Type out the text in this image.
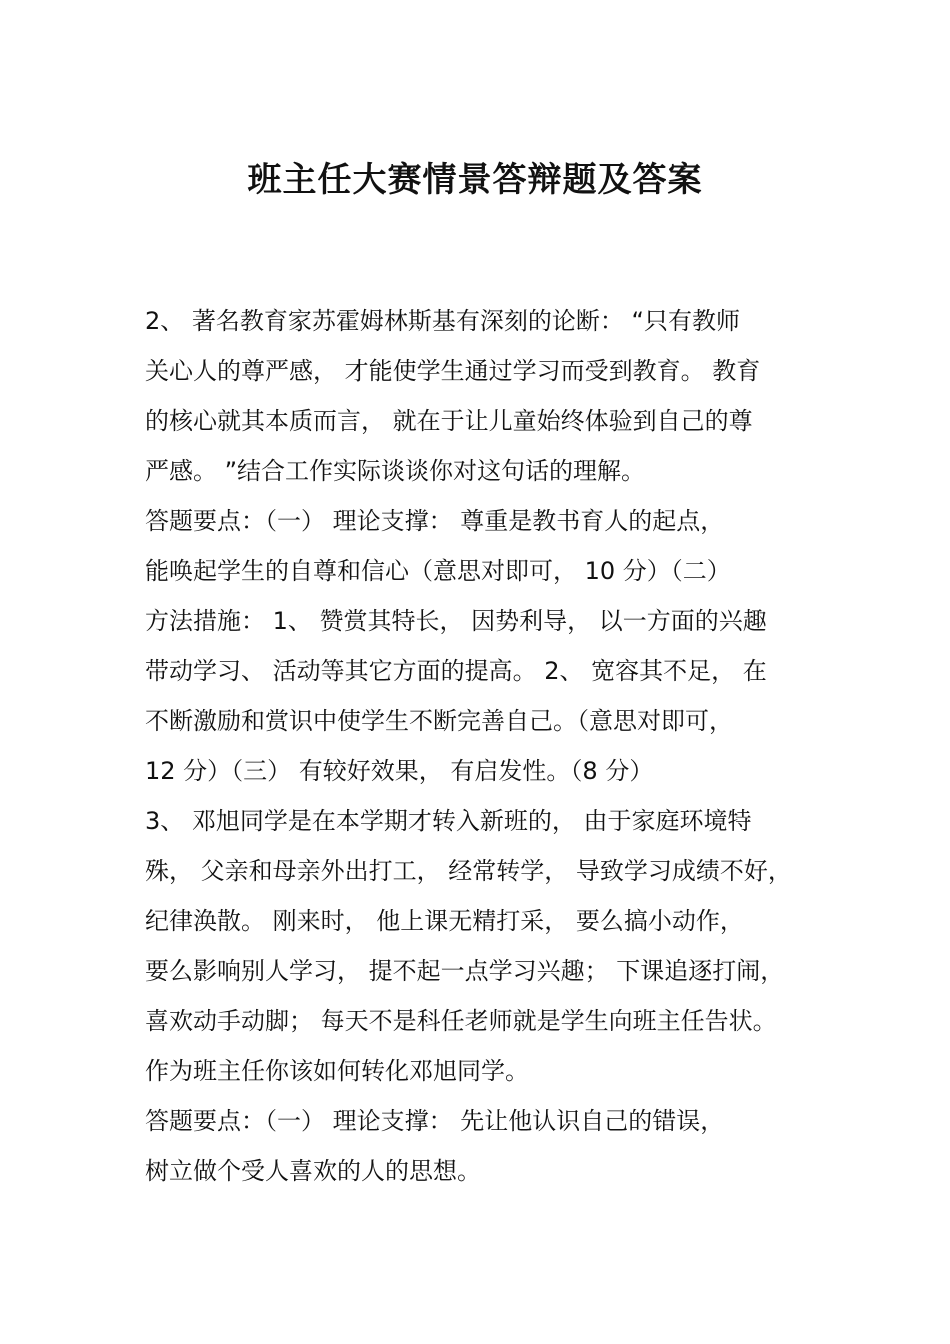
班主任大赛情景答辩题及答案
2、 著名教育家苏霍姆林斯基有深刻的论断： “只有教师
关心人的尊严感， 才能使学生通过学习而受到教育。 教育
的核心就其本质而言， 就在于让儿童始终体验到自己的尊
严感。 ”结合工作实际谈谈你对这句话的理解。
答题要点：（一） 理论支撑： 尊重是教书育人的起点，
能唤起学生的自尊和信心（意思对即可， 10 分）（二）
方法措施： 1、 赞赏其特长， 因势利导， 以一方面的兴趣
带动学习、 活动等其它方面的提高。 2、 宽容其不足， 在
不断激励和赏识中使学生不断完善自己。（意思对即可，
12 分）（三） 有较好效果， 有启发性。（8 分）
3、 邓旭同学是在本学期才转入新班的， 由于家庭环境特
殊， 父亲和母亲外出打工， 经常转学， 导致学习成绩不好，
纪律涣散。 刚来时， 他上课无精打采， 要么搞小动作，
要么影响别人学习， 提不起一点学习兴趣； 下课追逐打闹，
喜欢动手动脚； 每天不是科任老师就是学生向班主任告状。
作为班主任你该如何转化邓旭同学。
答题要点：（一） 理论支撑： 先让他认识自己的错误，
树立做个受人喜欢的人的思想。
